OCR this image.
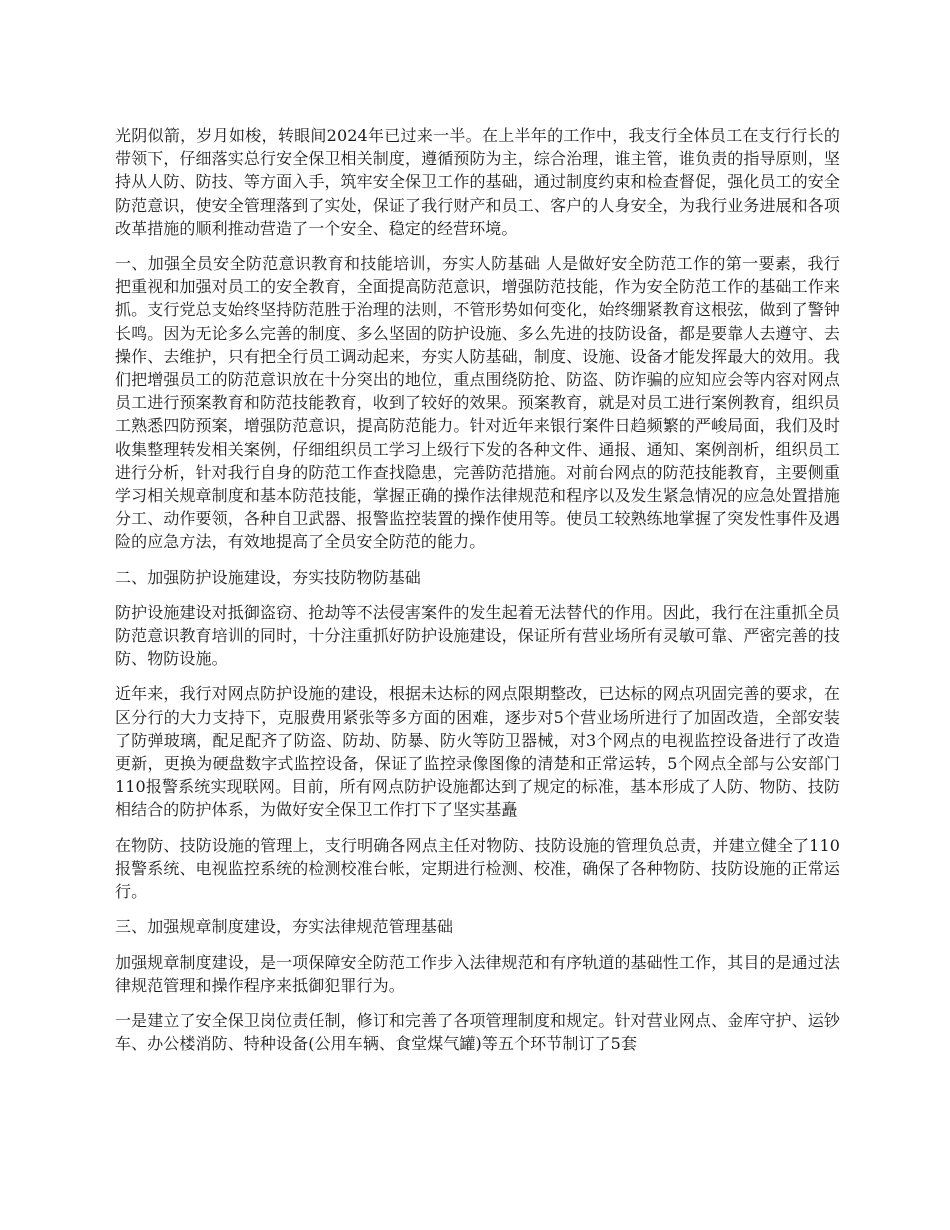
光阴似箭，岁月如梭，转眼间2024年已过来一半。在上半年的工作中，我支行全体员工在支行行长的带领下，仔细落实总行安全保卫相关制度，遵循预防为主，综合治理，谁主管，谁负责的指导原则，坚持从人防、防技、等方面入手，筑牢安全保卫工作的基础，通过制度约束和检查督促，强化员工的安全防范意识，使安全管理落到了实处，保证了我行财产和员工、客户的人身安全，为我行业务进展和各项改革措施的顺利推动营造了一个安全、稳定的经营环境。

一、加强全员安全防范意识教育和技能培训，夯实人防基础 人是做好安全防范工作的第一要素，我行把重视和加强对员工的安全教育，全面提高防范意识，增强防范技能，作为安全防范工作的基础工作来抓。支行党总支始终坚持防范胜于治理的法则，不管形势如何变化，始终绷紧教育这根弦，做到了警钟长鸣。因为无论多么完善的制度、多么坚固的防护设施、多么先进的技防设备，都是要靠人去遵守、去操作、去维护，只有把全行员工调动起来，夯实人防基础，制度、设施、设备才能发挥最大的效用。我们把增强员工的防范意识放在十分突出的地位，重点围绕防抢、防盗、防诈骗的应知应会等内容对网点员工进行预案教育和防范技能教育，收到了较好的效果。预案教育，就是对员工进行案例教育，组织员工熟悉四防预案，增强防范意识，提高防范能力。针对近年来银行案件日趋频繁的严峻局面，我们及时收集整理转发相关案例，仔细组织员工学习上级行下发的各种文件、通报、通知、案例剖析，组织员工进行分析，针对我行自身的防范工作查找隐患，完善防范措施。对前台网点的防范技能教育，主要侧重学习相关规章制度和基本防范技能，掌握正确的操作法律规范和程序以及发生紧急情况的应急处置措施分工、动作要领，各种自卫武器、报警监控装置的操作使用等。使员工较熟练地掌握了突发性事件及遇险的应急方法，有效地提高了全员安全防范的能力。

二、加强防护设施建设，夯实技防物防基础

防护设施建设对抵御盗窃、抢劫等不法侵害案件的发生起着无法替代的作用。因此，我行在注重抓全员防范意识教育培训的同时，十分注重抓好防护设施建设，保证所有营业场所有灵敏可靠、严密完善的技防、物防设施。

近年来，我行对网点防护设施的建设，根据未达标的网点限期整改，已达标的网点巩固完善的要求，在区分行的大力支持下，克服费用紧张等多方面的困难，逐步对5个营业场所进行了加固改造，全部安装了防弹玻璃，配足配齐了防盗、防劫、防暴、防火等防卫器械，对3个网点的电视监控设备进行了改造更新，更换为硬盘数字式监控设备，保证了监控录像图像的清楚和正常运转，5个网点全部与公安部门110报警系统实现联网。目前，所有网点防护设施都达到了规定的标准，基本形成了人防、物防、技防相结合的防护体系，为做好安全保卫工作打下了坚实基矗

在物防、技防设施的管理上，支行明确各网点主任对物防、技防设施的管理负总责，并建立健全了110报警系统、电视监控系统的检测校准台帐，定期进行检测、校准，确保了各种物防、技防设施的正常运行。

三、加强规章制度建设，夯实法律规范管理基础

加强规章制度建设，是一项保障安全防范工作步入法律规范和有序轨道的基础性工作，其目的是通过法律规范管理和操作程序来抵御犯罪行为。

一是建立了安全保卫岗位责任制，修订和完善了各项管理制度和规定。针对营业网点、金库守护、运钞车、办公楼消防、特种设备(公用车辆、食堂煤气罐)等五个环节制订了5套
